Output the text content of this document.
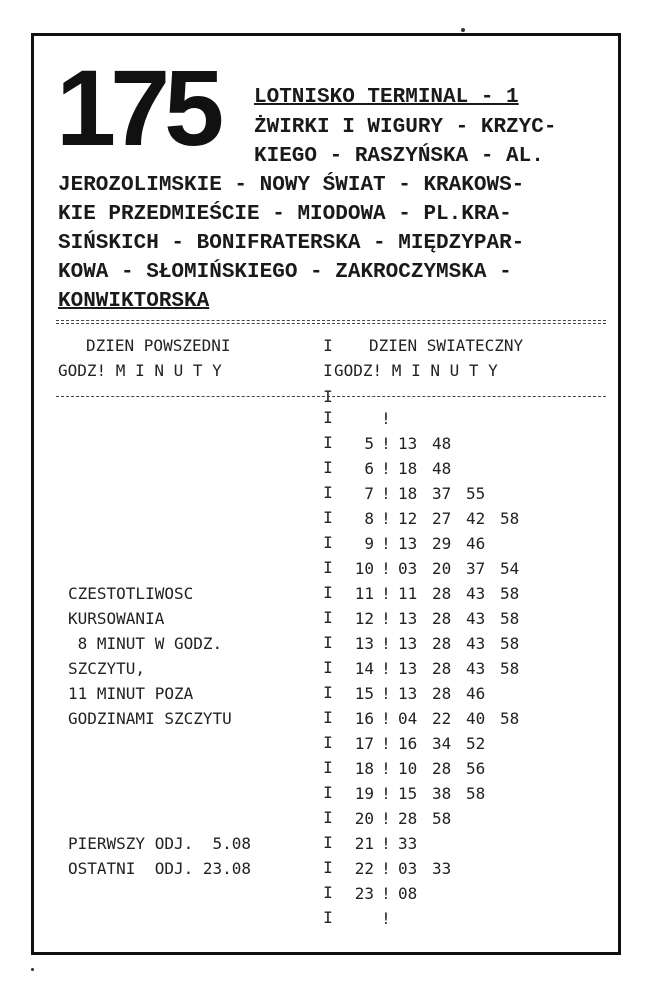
175 LOTNISKO TERMINAL - 1
ŻWIRKI I WIGURY - KRZYC-
KIEGO - RASZYŃSKA - AL.
JEROZOLIMSKIE - NOWY ŚWIAT - KRAKOWS-
KIE PRZEDMIEŚCIE - MIODOWA - PL.KRA-
SIŃSKICH - BONIFRATERSKA - MIĘDZYPAR-
KOWA - SŁOMIŃSKIEGO - ZAKROCZYMSKA -
KONWIKTORSKA
DZIEN POWSZEDNI
GODZ! M I N U T Y
I
I
DZIEN SWIATECZNY
GODZ! M I N U T Y
I
CZESTOTLIWOSC
KURSOWANIA
8 MINUT W GODZ.
SZCZYTU,
11 MINUT POZA
GODZINAMI SZCZYTU
PIERWSZY ODJ.  5.08
OSTATNI  ODJ. 23.08
I	!
I	5 ! 13 48
I	6 ! 18 48
I	7 ! 18 37 55
I	8 ! 12 27 42 58
I	9 ! 13 29 46
I	10 ! 03 20 37 54
I	11 ! 11 28 43 58
I	12 ! 13 28 43 58
I	13 ! 13 28 43 58
I	14 ! 13 28 43 58
I	15 ! 13 28 46
I	16 ! 04 22 40 58
I	17 ! 16 34 52
I	18 ! 10 28 56
I	19 ! 15 38 58
I	20 ! 28 58
I	21 ! 33
I	22 ! 03 33
I	23 ! 08
I	!
